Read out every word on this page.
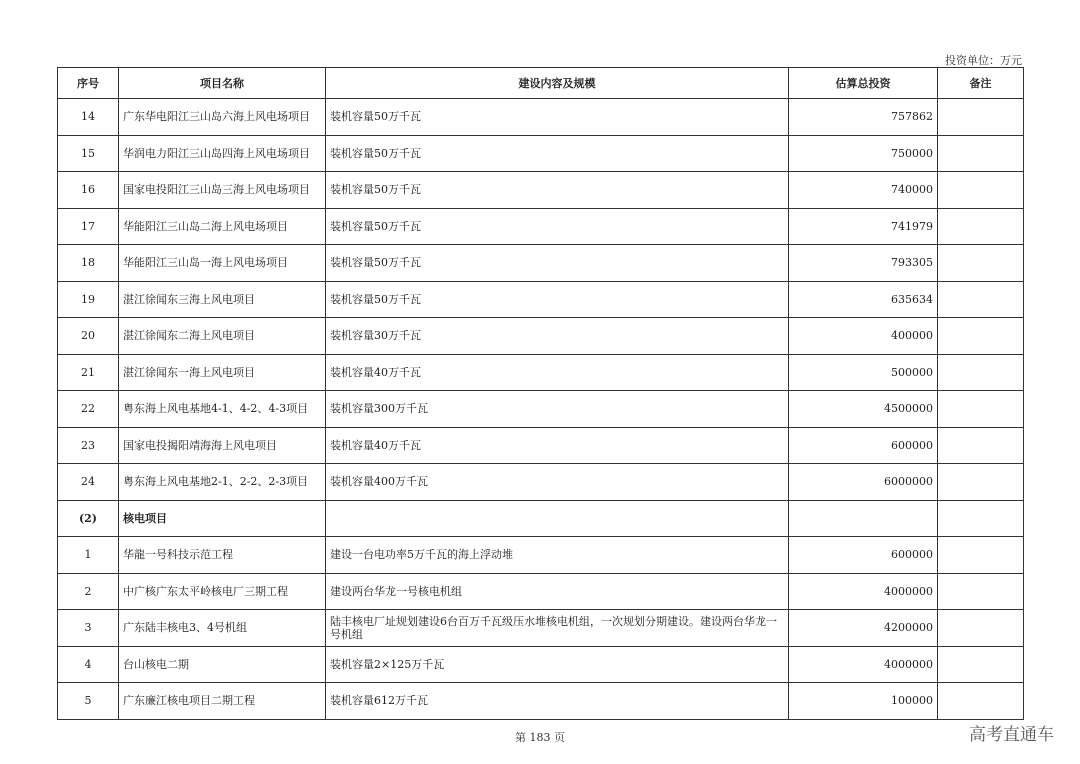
投资单位：万元
序号	项目名称	建设内容及规模	估算总投资	备注
14	广东华电阳江三山岛六海上风电场项目	装机容量50万千瓦	757862	
15	华润电力阳江三山岛四海上风电场项目	装机容量50万千瓦	750000	
16	国家电投阳江三山岛三海上风电场项目	装机容量50万千瓦	740000	
17	华能阳江三山岛二海上风电场项目	装机容量50万千瓦	741979	
18	华能阳江三山岛一海上风电场项目	装机容量50万千瓦	793305	
19	湛江徐闻东三海上风电项目	装机容量50万千瓦	635634	
20	湛江徐闻东二海上风电项目	装机容量30万千瓦	400000	
21	湛江徐闻东一海上风电项目	装机容量40万千瓦	500000	
22	粤东海上风电基地4-1、4-2、4-3项目	装机容量300万千瓦	4500000	
23	国家电投揭阳靖海海上风电项目	装机容量40万千瓦	600000	
24	粤东海上风电基地2-1、2-2、2-3项目	装机容量400万千瓦	6000000	
(2)	核电项目			
1	华龍一号科技示范工程	建设一台电功率5万千瓦的海上浮动堆	600000	
2	中广核广东太平岭核电厂三期工程	建设两台华龙一号核电机组	4000000	
3	广东陆丰核电3、4号机组	陆丰核电厂址规划建设6台百万千瓦级压水堆核电机组，一次规划分期建设。建设两台华龙一号机组	4200000	
4	台山核电二期	装机容量2×125万千瓦	4000000	
5	广东廉江核电项目二期工程	装机容量612万千瓦	100000	
第 183 页	高考直通车
